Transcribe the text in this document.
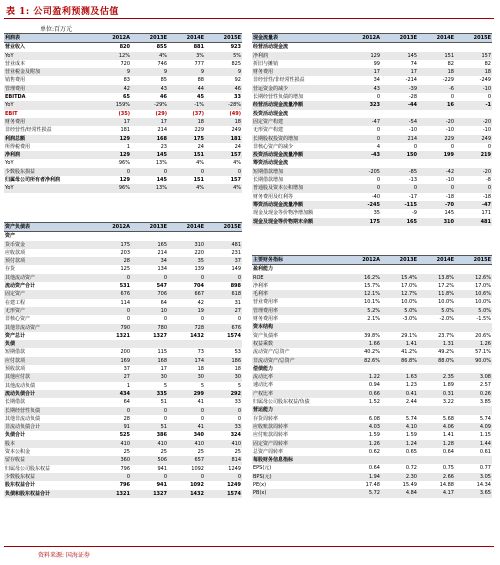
表 1: 公司盈利预测及估值
单位:百万元
利润表	2012A	2013E	2014E	2015E
营业收入	820	855	881	923
YoY	12%	4%	3%	5%
营业成本	720	746	777	825
营业税金及附加	9	9	9	9
销售费用	83	85	88	92
管理费用	42	43	44	46
EBITDA	65	46	45	33
YoY	159%	-29%	-1%	-28%
EBIT	(35)	(29)	(37)	(49)
财务费用	17	17	18	18
非经营性/经常性损益	181	214	229	249
利润总额	129	168	175	181
所得税费用	1	23	24	24
净利润	129	145	151	157
YoY	96%	13%	4%	4%
少数股东损益	0	0	0	0
归属母公司所有者净利润	129	145	151	157
YoY	96%	13%	4%	4%
资产负债表	2012A	2013E	2014E	2015E
资产				
货币资金	175	165	310	481
应收款项	203	214	220	231
预付款项	28	34	35	37
存货	125	134	139	149
其他流动资产	0	0	0	0
流动资产合计	531	547	704	898
固定资产	676	706	667	618
在建工程	114	64	42	31
无形资产	0	10	19	27
非核心资产	0	0	0	0
其他非流动资产	790	780	728	676
资产总计	1321	1327	1432	1574
负债				
短期借款	200	115	73	53
应付款项	169	168	174	186
预收款项	37	17	18	18
其他应付款	27	30	30	30
其他流动负债	1	5	5	5
流动负债合计	434	335	299	292
长期借款	64	51	41	33
长期经营性负债	0	0	0	0
其他非流动负债	28	0	0	0
非流动负债合计	91	51	41	33
负债合计	525	386	340	324
股本	410	410	410	410
资本公积金	25	25	25	25
留存收益	360	506	657	814
归属母公司股东权益	796	941	1092	1249
少数股东权益	0	0	0	0
股东权益合计	796	941	1092	1249
负债和股东权益合计	1321	1327	1432	1574
现金流量表	2012A	2013E	2014E	2015E
经营活动现金流				
净利润	129	145	151	157
折旧与摊销	99	74	82	82
财务费用	17	17	18	18
非经营性/非经常性损益	34	-214	-229	-249
营运资金的减少	43	-39	-6	-10
长期经营性负债的增加	0	-28	0	0
经营活动现金流量净额	323	-44	16	-1
投资活动现金流				
固定资产构建	-47	-54	-20	-20
无形资产构建	0	-10	-10	-10
长期股权投资的增加	0	214	229	249
非核心资产的减少	4	0	0	0
投资活动现金流量净额	-43	150	199	219
筹资活动现金流				
短期借款增加	-205	-85	-42	-20
长期借款增加	0	-13	-10	-8
普通股及资本公积增加	0	0	0	0
财务费用及红利等	-40	-17	-18	-18
筹资活动现金流量净额	-245	-115	-70	-47
现金及现金等价物净增加额	35	-9	145	171
现金及现金等价物期末余额	175	165	310	481
主要财务指标	2012A	2013E	2014E	2015E
盈利能力				
ROE	16.2%	15.4%	13.8%	12.6%
净利率	15.7%	17.0%	17.2%	17.0%
毛利率	12.1%	12.7%	11.8%	10.6%
营业费用率	10.1%	10.0%	10.0%	10.0%
管理费用率	5.2%	5.0%	5.0%	5.0%
财务费用率	2.1%	-3.0%	-2.0%	-1.5%
资本结构				
资产负债率	39.8%	29.1%	23.7%	20.6%
权益乘数	1.66	1.41	1.31	1.26
流动资产/总资产	40.2%	41.2%	49.2%	57.1%
非流动资产/总资产	82.6%	86.8%	88.0%	90.0%
偿债能力				
流动比率	1.22	1.63	2.35	3.08
速动比率	0.94	1.23	1.89	2.57
产权比率	0.66	0.41	0.31	0.26
归属母公司股东权益/负债	1.52	2.44	3.22	3.85
营运能力				
存货周转率	6.08	5.74	5.68	5.74
应收账款周转率	4.03	4.10	4.06	4.09
应付账款周转率	1.59	1.59	1.41	1.15
固定资产周转率	1.26	1.24	1.28	1.44
总资产周转率	0.62	0.65	0.64	0.61
每股财务信息指标				
EPS(元)	0.64	0.72	0.75	0.77
BPS(元)	1.94	2.30	2.66	3.05
PE(x)	17.48	15.49	14.88	14.34
PB(x)	5.72	4.84	4.17	3.65
资料来源: 国海证券
